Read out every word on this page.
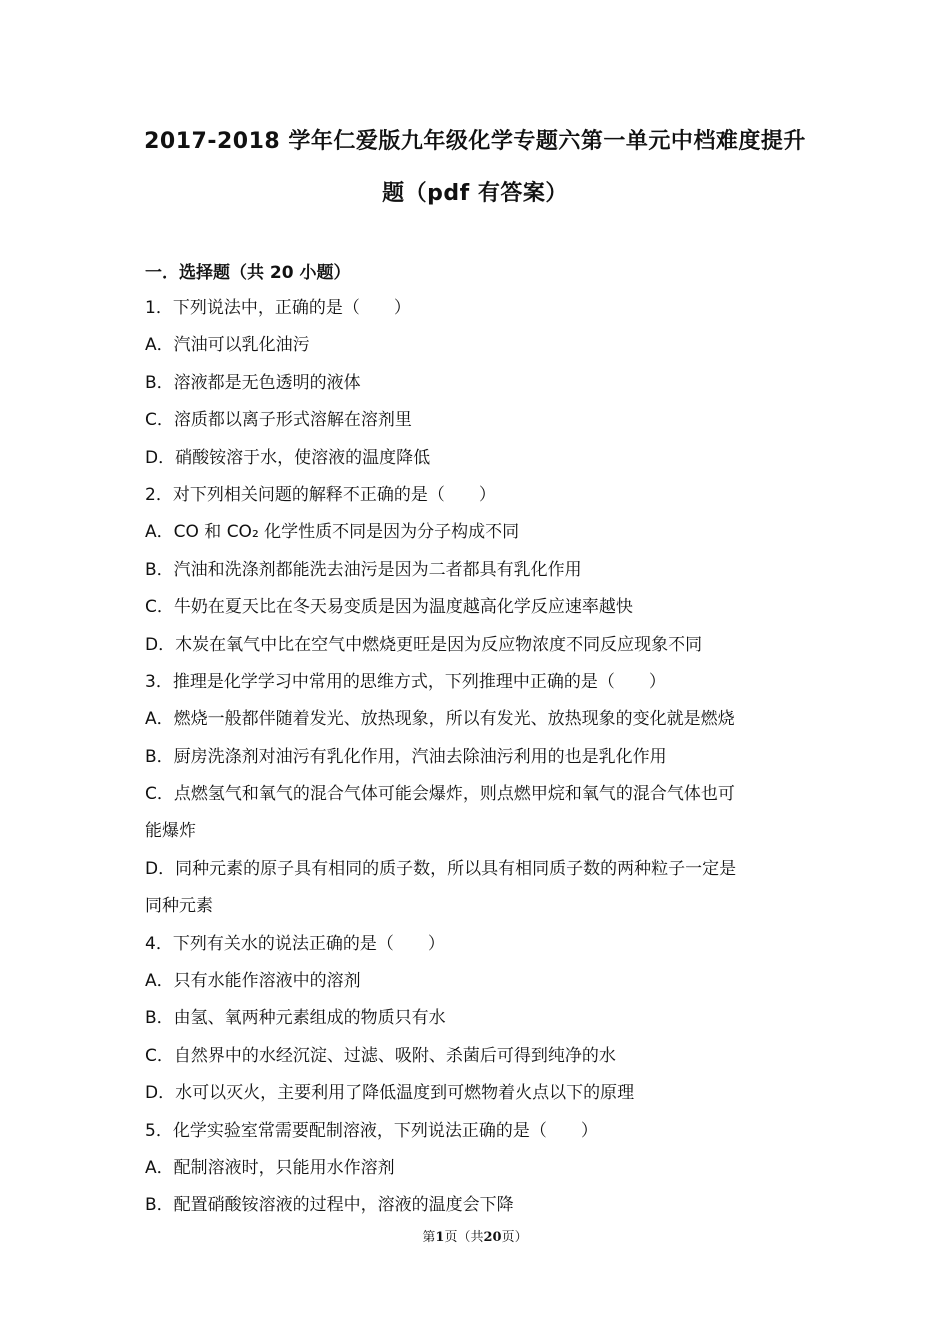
2017-2018 学年仁爱版九年级化学专题六第一单元中档难度提升
题（pdf 有答案）
一．选择题（共 20 小题）
1．下列说法中，正确的是（　　）
A．汽油可以乳化油污
B．溶液都是无色透明的液体
C．溶质都以离子形式溶解在溶剂里
D．硝酸铵溶于水，使溶液的温度降低
2．对下列相关问题的解释不正确的是（　　）
A．CO 和 CO₂ 化学性质不同是因为分子构成不同
B．汽油和洗涤剂都能洗去油污是因为二者都具有乳化作用
C．牛奶在夏天比在冬天易变质是因为温度越高化学反应速率越快
D．木炭在氧气中比在空气中燃烧更旺是因为反应物浓度不同反应现象不同
3．推理是化学学习中常用的思维方式，下列推理中正确的是（　　）
A．燃烧一般都伴随着发光、放热现象，所以有发光、放热现象的变化就是燃烧
B．厨房洗涤剂对油污有乳化作用，汽油去除油污利用的也是乳化作用
C．点燃氢气和氧气的混合气体可能会爆炸，则点燃甲烷和氧气的混合气体也可
能爆炸
D．同种元素的原子具有相同的质子数，所以具有相同质子数的两种粒子一定是
同种元素
4．下列有关水的说法正确的是（　　）
A．只有水能作溶液中的溶剂
B．由氢、氧两种元素组成的物质只有水
C．自然界中的水经沉淀、过滤、吸附、杀菌后可得到纯净的水
D．水可以灭火，主要利用了降低温度到可燃物着火点以下的原理
5．化学实验室常需要配制溶液，下列说法正确的是（　　）
A．配制溶液时，只能用水作溶剂
B．配置硝酸铵溶液的过程中，溶液的温度会下降
第1页（共20页）
